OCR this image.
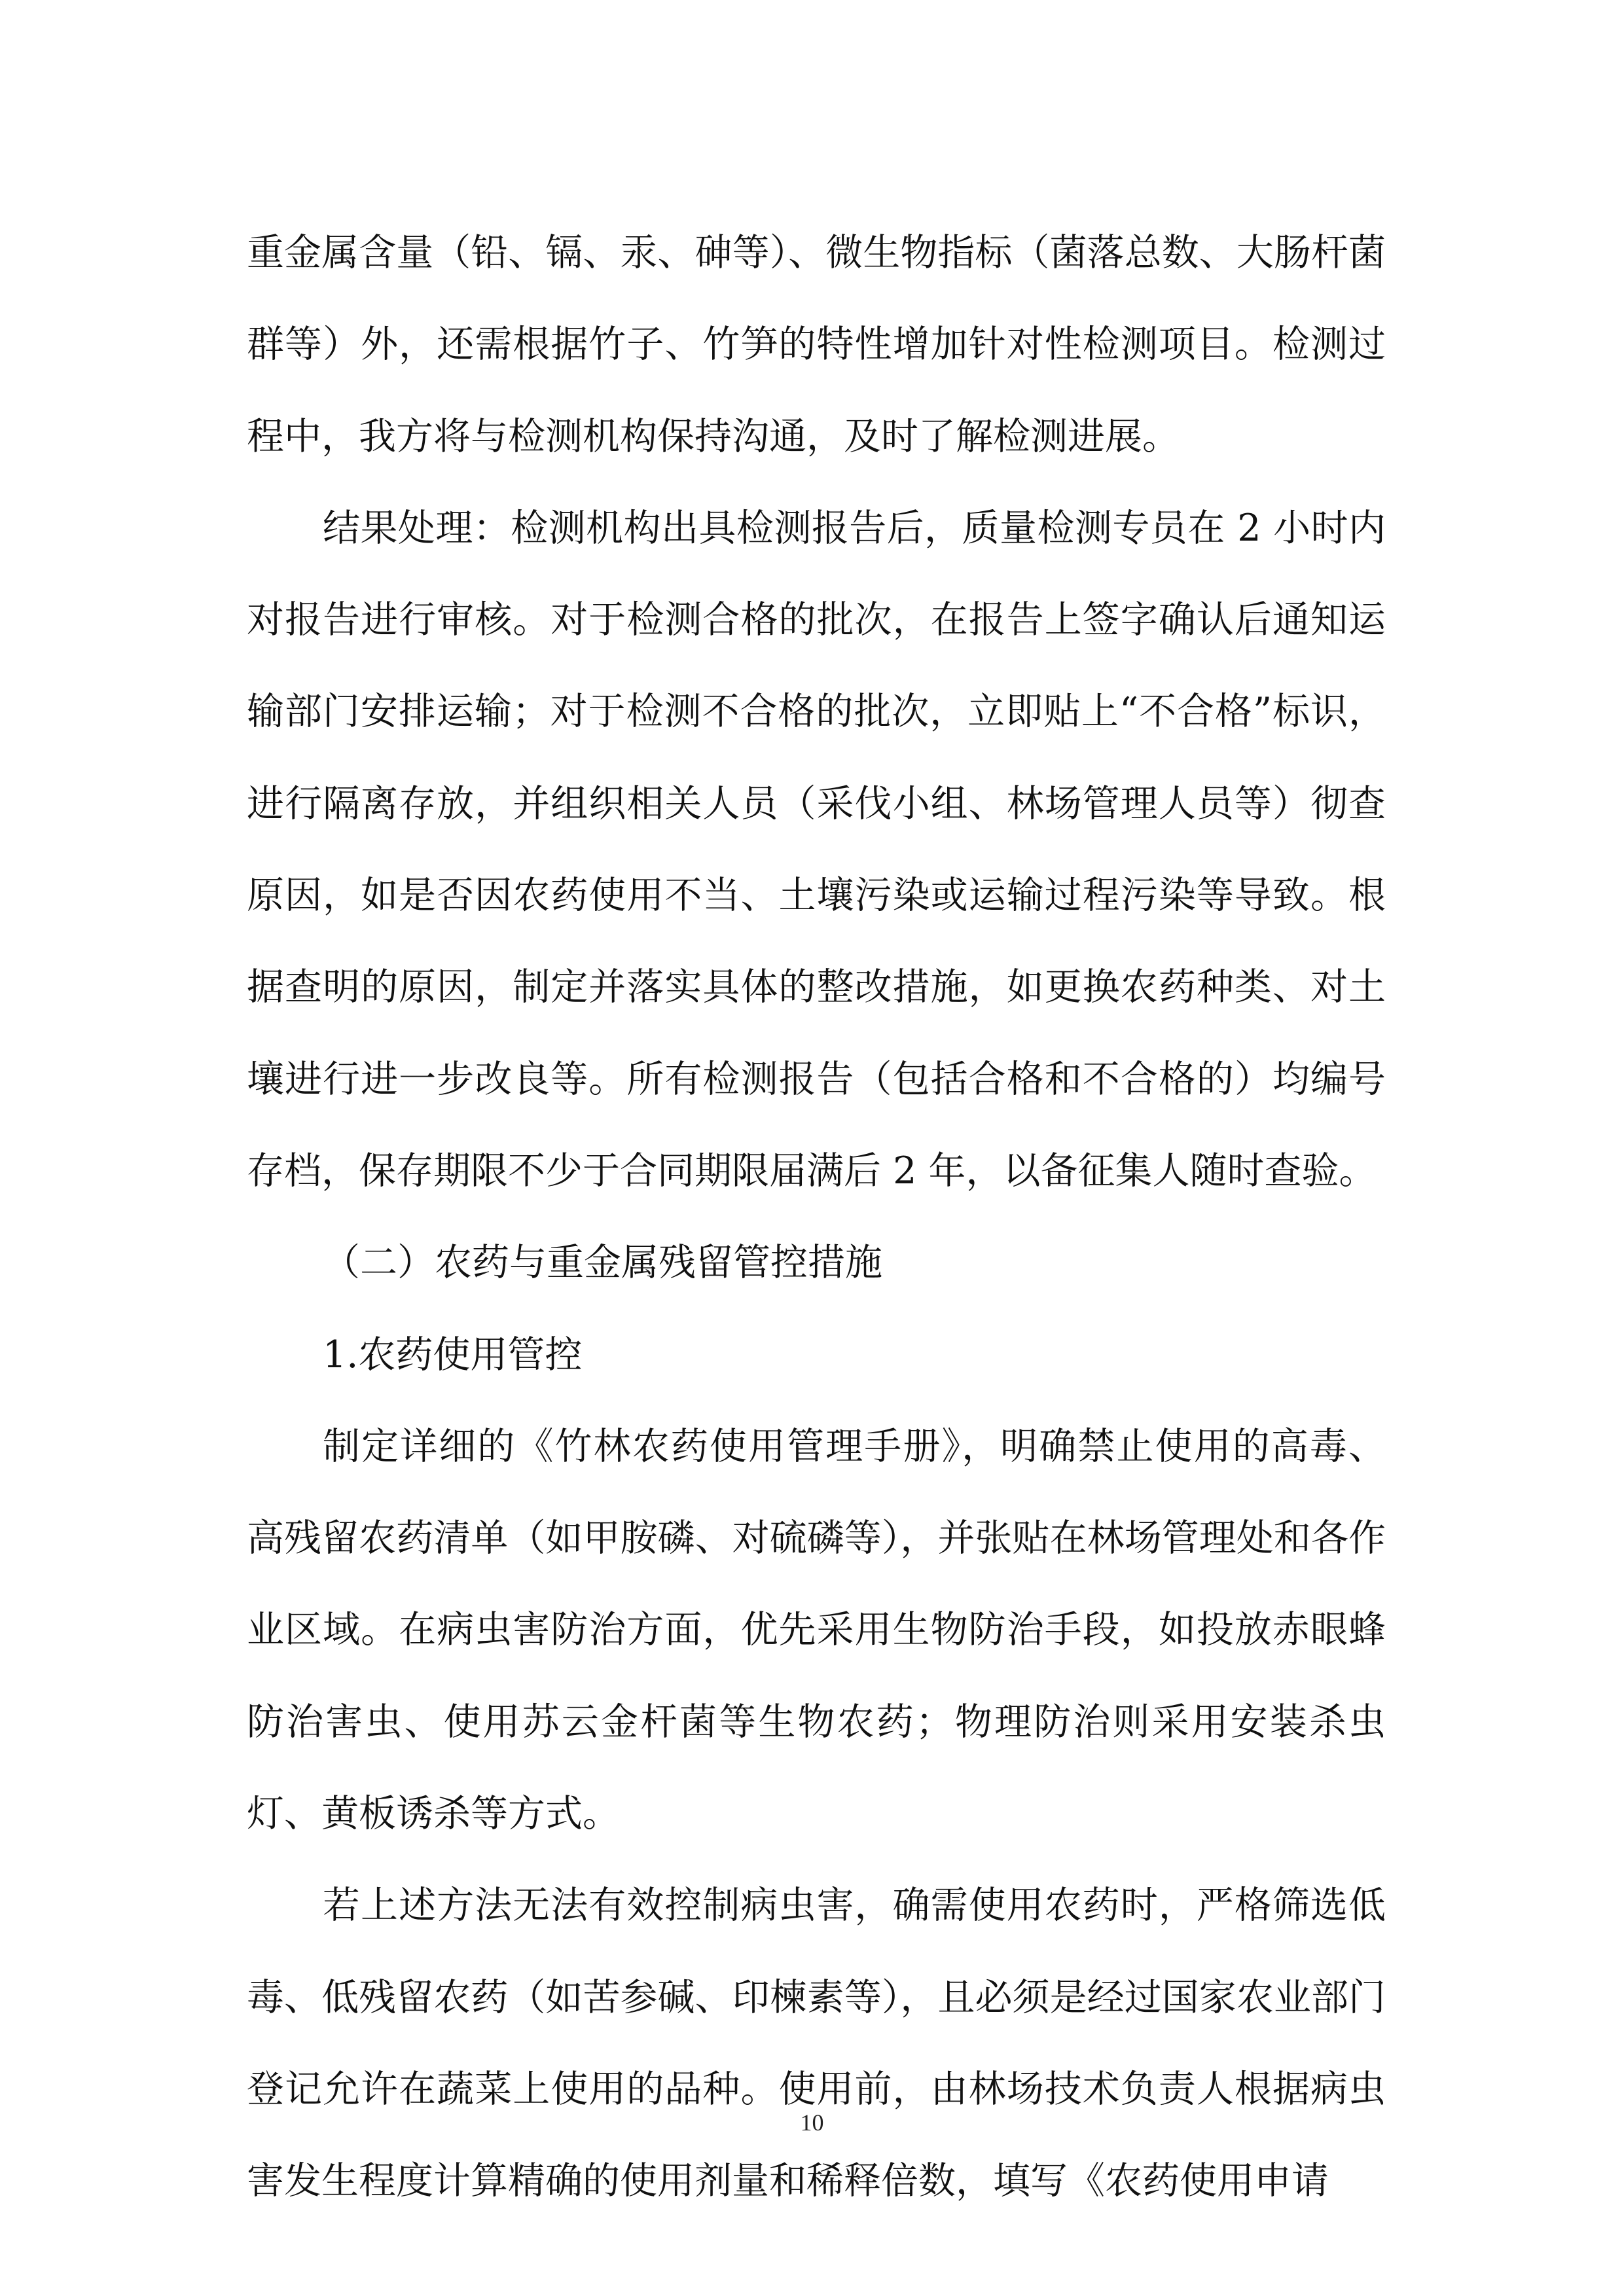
重金属含量（铅、镉、汞、砷等）、微生物指标（菌落总数、大肠杆菌群等）外，还需根据竹子、竹笋的特性增加针对性检测项目。检测过程中，我方将与检测机构保持沟通，及时了解检测进展。

结果处理：检测机构出具检测报告后，质量检测专员在 2 小时内对报告进行审核。对于检测合格的批次，在报告上签字确认后通知运输部门安排运输；对于检测不合格的批次，立即贴上“不合格”标识，进行隔离存放，并组织相关人员（采伐小组、林场管理人员等）彻查原因，如是否因农药使用不当、土壤污染或运输过程污染等导致。根据查明的原因，制定并落实具体的整改措施，如更换农药种类、对土壤进行进一步改良等。所有检测报告（包括合格和不合格的）均编号存档，保存期限不少于合同期限届满后 2 年，以备征集人随时查验。

（二）农药与重金属残留管控措施

1.农药使用管控

制定详细的《竹林农药使用管理手册》，明确禁止使用的高毒、高残留农药清单（如甲胺磷、对硫磷等），并张贴在林场管理处和各作业区域。在病虫害防治方面，优先采用生物防治手段，如投放赤眼蜂防治害虫、使用苏云金杆菌等生物农药；物理防治则采用安装杀虫灯、黄板诱杀等方式。

若上述方法无法有效控制病虫害，确需使用农药时，严格筛选低毒、低残留农药（如苦参碱、印楝素等），且必须是经过国家农业部门登记允许在蔬菜上使用的品种。使用前，由林场技术负责人根据病虫害发生程度计算精确的使用剂量和稀释倍数，填写《农药使用申请

10
